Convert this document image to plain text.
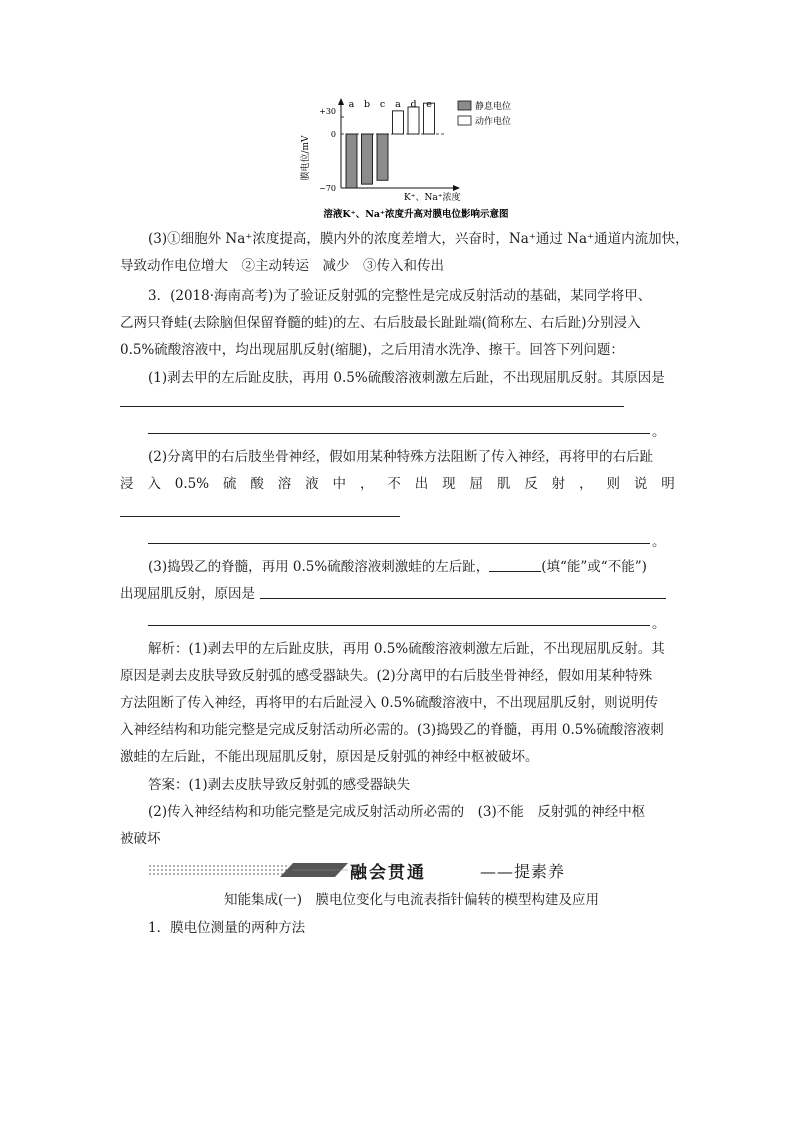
膜电位/mV
+30
0
−70
a b c a d e	静息电位
动作电位
K⁺、Na⁺浓度
溶液K⁺、Na⁺浓度升高对膜电位影响示意图
(3)①细胞外 Na⁺浓度提高，膜内外的浓度差增大，兴奋时，Na⁺通过 Na⁺通道内流加快，
导致动作电位增大　②主动转运　减少　③传入和传出
3．(2018·海南高考)为了验证反射弧的完整性是完成反射活动的基础，某同学将甲、
乙两只脊蛙(去除脑但保留脊髓的蛙)的左、右后肢最长趾趾端(简称左、右后趾)分别浸入
0.5%硫酸溶液中，均出现屈肌反射(缩腿)，之后用清水洗净、擦干。回答下列问题：
(1)剥去甲的左后趾皮肤，再用 0.5%硫酸溶液刺激左后趾，不出现屈肌反射。其原因是
。
(2)分离甲的右后肢坐骨神经，假如用某种特殊方法阻断了传入神经，再将甲的右后趾
浸 入 0.5% 硫 酸 溶 液 中 ， 不 出 现 屈 肌 反 射 ， 则 说 明
。
(3)捣毁乙的脊髓，再用 0.5%硫酸溶液刺激蛙的左后趾，	(填“能”或“不能”)
出现屈肌反射，原因是
。
解析：(1)剥去甲的左后趾皮肤，再用 0.5%硫酸溶液刺激左后趾，不出现屈肌反射。其
原因是剥去皮肤导致反射弧的感受器缺失。(2)分离甲的右后肢坐骨神经，假如用某种特殊
方法阻断了传入神经，再将甲的右后趾浸入 0.5%硫酸溶液中，不出现屈肌反射，则说明传
入神经结构和功能完整是完成反射活动所必需的。(3)捣毁乙的脊髓，再用 0.5%硫酸溶液刺
激蛙的左后趾，不能出现屈肌反射，原因是反射弧的神经中枢被破坏。
答案：(1)剥去皮肤导致反射弧的感受器缺失
(2)传入神经结构和功能完整是完成反射活动所必需的　(3)不能　反射弧的神经中枢
被破坏
融会贯通	——提素养
知能集成(一)　膜电位变化与电流表指针偏转的模型构建及应用
1．膜电位测量的两种方法
